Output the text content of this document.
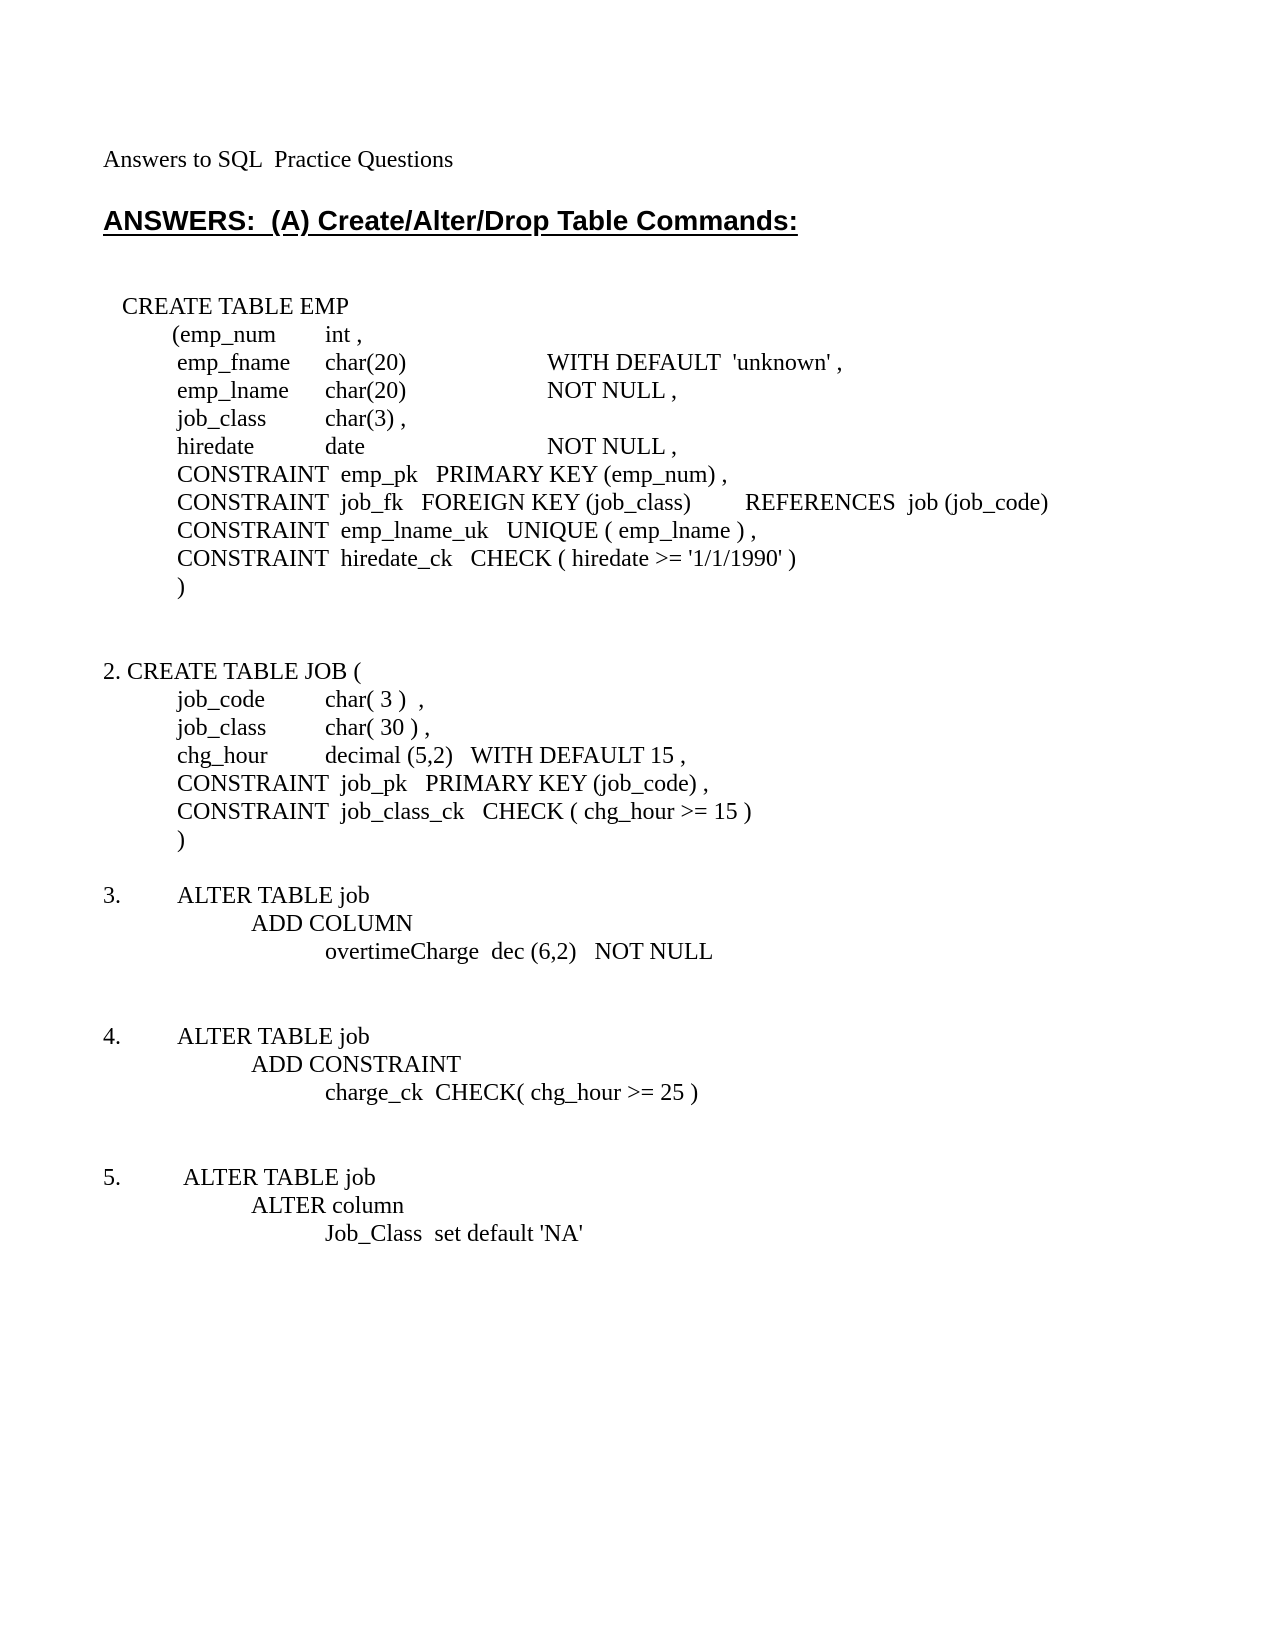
Answers to SQL  Practice Questions
ANSWERS:  (A) Create/Alter/Drop Table Commands:
CREATE TABLE EMP
(emp_num int ,
emp_fname char(20)	WITH DEFAULT  'unknown' ,
emp_lname char(20)	NOT NULL ,
job_class char(3) ,
hiredate	date	NOT NULL ,
CONSTRAINT  emp_pk   PRIMARY KEY (emp_num) ,
CONSTRAINT  job_fk   FOREIGN KEY (job_class) REFERENCES  job (job_code)
CONSTRAINT  emp_lname_uk   UNIQUE ( emp_lname ) ,
CONSTRAINT  hiredate_ck   CHECK ( hiredate >= '1/1/1990' )
)
2. CREATE TABLE JOB (
job_code	char( 3 )  ,
job_class char( 30 ) ,
chg_hour decimal (5,2)   WITH DEFAULT 15 ,
CONSTRAINT  job_pk   PRIMARY KEY (job_code) ,
CONSTRAINT  job_class_ck   CHECK ( chg_hour >= 15 )
)
3. ALTER TABLE job
ADD COLUMN
overtimeCharge  dec (6,2)   NOT NULL
4. ALTER TABLE job
ADD CONSTRAINT
charge_ck  CHECK( chg_hour >= 25 )
5.	ALTER TABLE job
ALTER column
Job_Class  set default 'NA'
